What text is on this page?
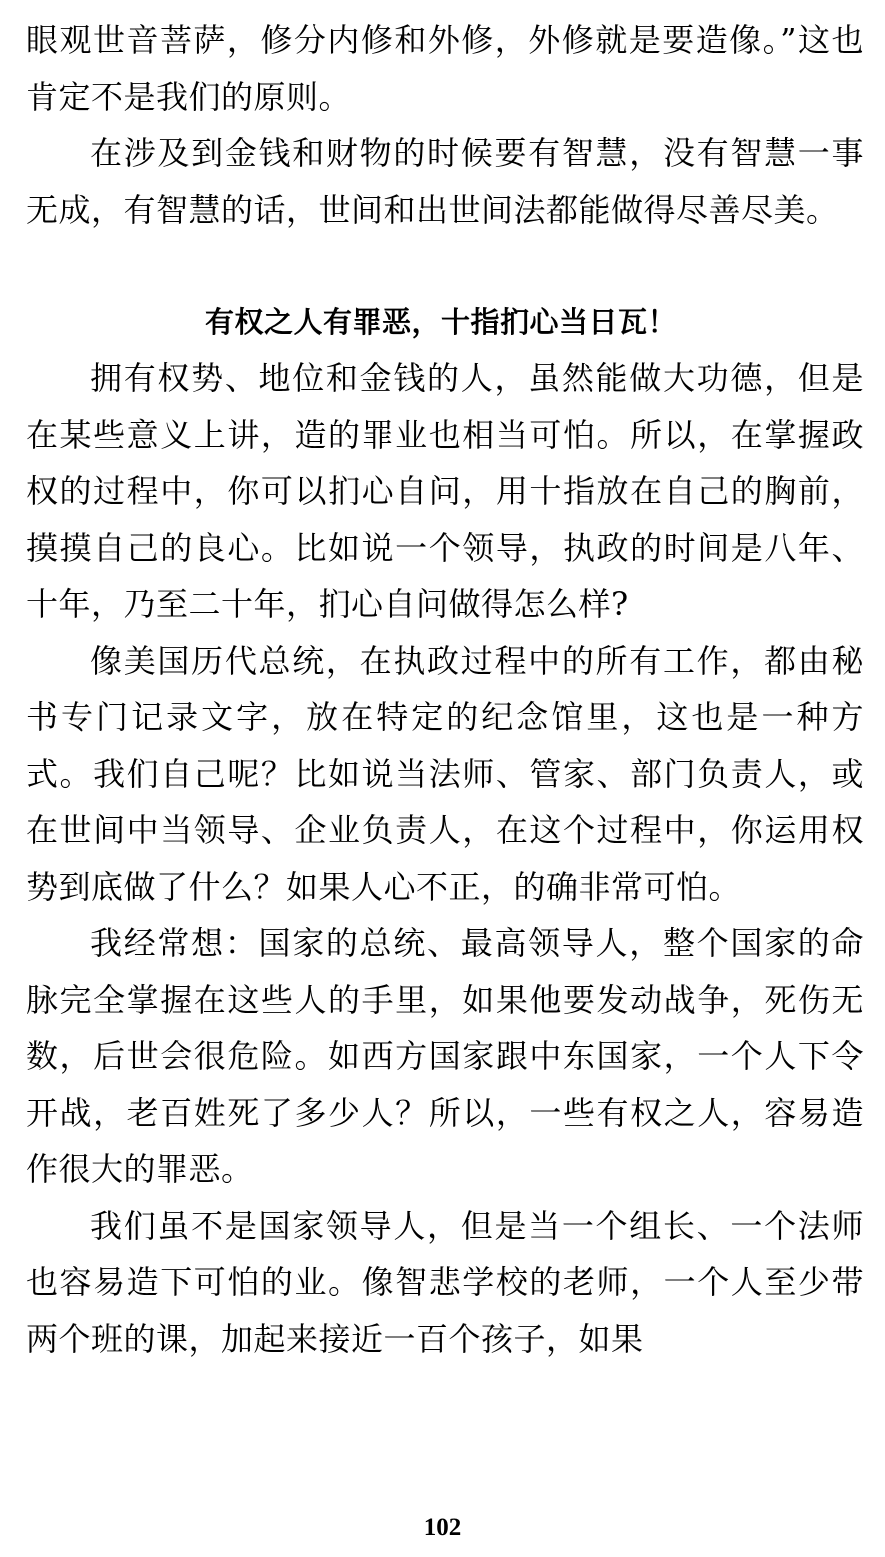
眼观世音菩萨，修分内修和外修，外修就是要造像。”这也肯定不是我们的原则。

在涉及到金钱和财物的时候要有智慧，没有智慧一事无成，有智慧的话，世间和出世间法都能做得尽善尽美。

有权之人有罪恶，十指扪心当日瓦！

拥有权势、地位和金钱的人，虽然能做大功德，但是在某些意义上讲，造的罪业也相当可怕。所以，在掌握政权的过程中，你可以扪心自问，用十指放在自己的胸前，摸摸自己的良心。比如说一个领导，执政的时间是八年、十年，乃至二十年，扪心自问做得怎么样?

像美国历代总统，在执政过程中的所有工作，都由秘书专门记录文字，放在特定的纪念馆里，这也是一种方式。我们自己呢？比如说当法师、管家、部门负责人，或在世间中当领导、企业负责人，在这个过程中，你运用权势到底做了什么？如果人心不正，的确非常可怕。

我经常想：国家的总统、最高领导人，整个国家的命脉完全掌握在这些人的手里，如果他要发动战争，死伤无数，后世会很危险。如西方国家跟中东国家，一个人下令开战，老百姓死了多少人？所以，一些有权之人，容易造作很大的罪恶。

我们虽不是国家领导人，但是当一个组长、一个法师也容易造下可怕的业。像智悲学校的老师，一个人至少带两个班的课，加起来接近一百个孩子，如果

102
